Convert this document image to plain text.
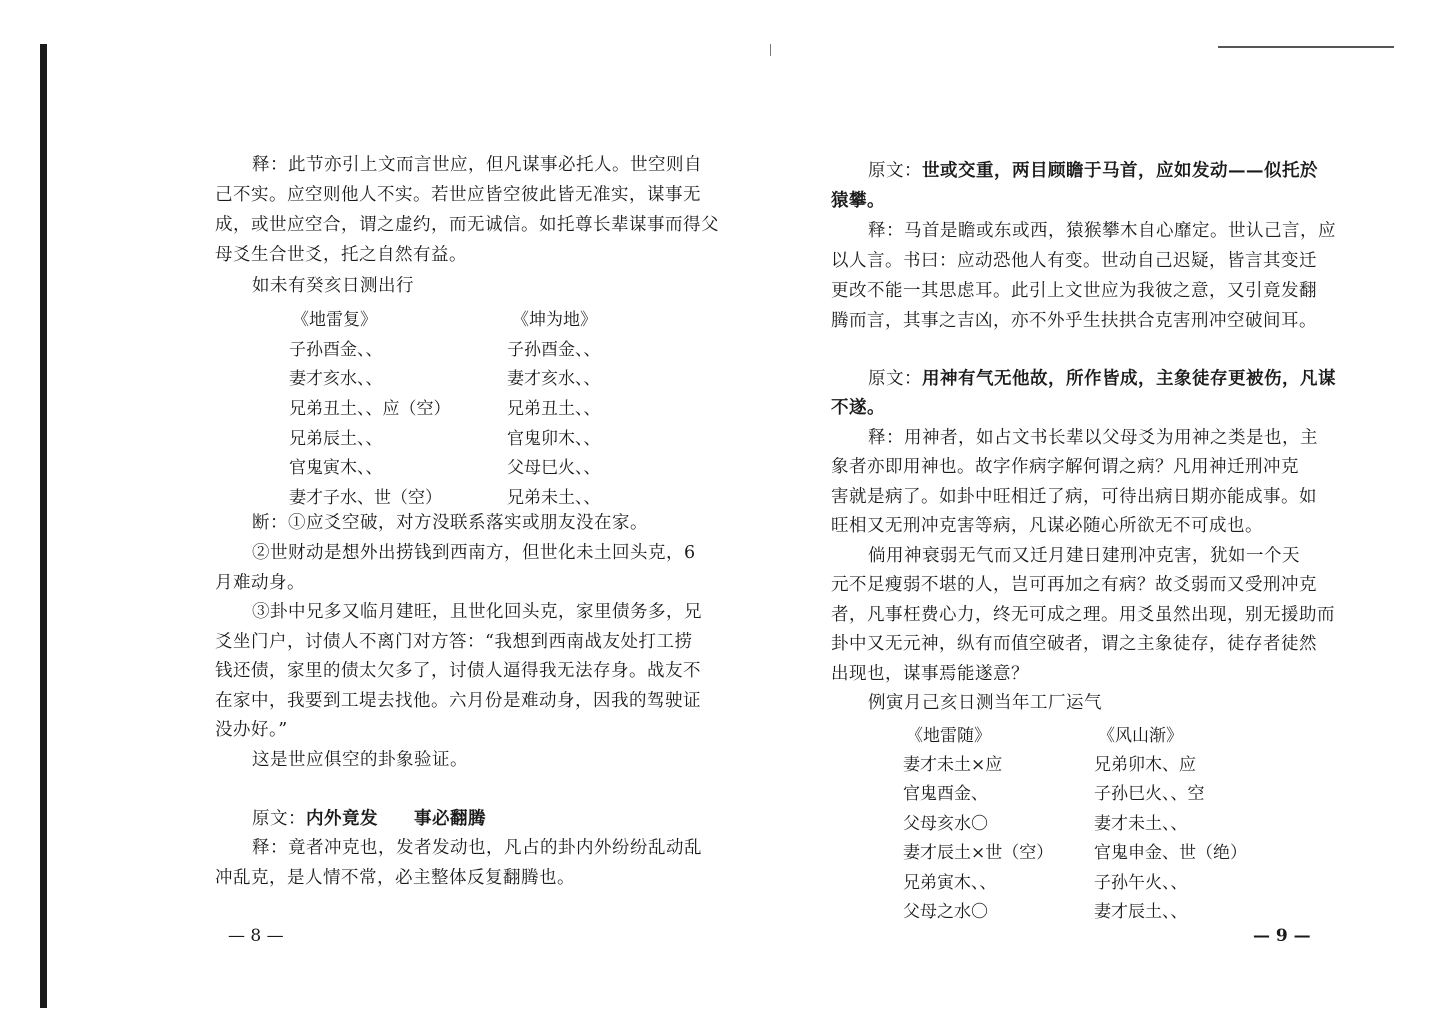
释：此节亦引上文而言世应，但凡谋事必托人。世空则自
己不实。应空则他人不实。若世应皆空彼此皆无准实，谋事无
成，或世应空合，谓之虚约，而无诚信。如托尊长辈谋事而得父
母爻生合世爻，托之自然有益。
如未有癸亥日测出行
《地雷复》	《坤为地》
子孙酉金、、
妻才亥水、、
兄弟丑土、、应（空）
兄弟辰土、、
官鬼寅木、、
妻才子水、世（空）
子孙酉金、、
妻才亥水、、
兄弟丑土、、
官鬼卯木、、
父母巳火、、
兄弟未土、、
断：①应爻空破，对方没联系落实或朋友没在家。
②世财动是想外出捞钱到西南方，但世化未土回头克，6
月难动身。
③卦中兄多又临月建旺，且世化回头克，家里债务多，兄
爻坐门户，讨债人不离门对方答：“我想到西南战友处打工捞
钱还债，家里的债太欠多了，讨债人逼得我无法存身。战友不
在家中，我要到工堤去找他。六月份是难动身，因我的驾驶证
没办好。”
这是世应俱空的卦象验证。
原文：内外竟发　　事必翻腾
释：竟者冲克也，发者发动也，凡占的卦内外纷纷乱动乱
冲乱克，是人情不常，必主整体反复翻腾也。
— 8 —
原文：世或交重，两目顾瞻于马首，应如发动——似托於
猿攀。
释：马首是瞻或东或西，猿猴攀木自心靡定。世认己言，应
以人言。书曰：应动恐他人有变。世动自己迟疑，皆言其变迁
更改不能一其思虑耳。此引上文世应为我彼之意，又引竟发翻
腾而言，其事之吉凶，亦不外乎生扶拱合克害刑冲空破间耳。
原文：用神有气无他故，所作皆成，主象徒存更被伤，凡谋
不遂。
释：用神者，如占文书长辈以父母爻为用神之类是也，主
象者亦即用神也。故字作病字解何谓之病？凡用神迁刑冲克
害就是病了。如卦中旺相迁了病，可待出病日期亦能成事。如
旺相又无刑冲克害等病，凡谋必随心所欲无不可成也。
倘用神衰弱无气而又迁月建日建刑冲克害，犹如一个天
元不足瘦弱不堪的人，岂可再加之有病？故爻弱而又受刑冲克
者，凡事枉费心力，终无可成之理。用爻虽然出现，别无援助而
卦中又无元神，纵有而值空破者，谓之主象徒存，徒存者徒然
出现也，谋事焉能遂意？
例寅月己亥日测当年工厂运气
《地雷随》	《风山渐》
妻才未土×应
官鬼酉金、
父母亥水〇
妻才辰土×世（空）
兄弟寅木、、
父母之水〇
兄弟卯木、应
子孙巳火、、空
妻才未土、、
官鬼申金、世（绝）
子孙午火、、
妻才辰土、、
— 9 —
